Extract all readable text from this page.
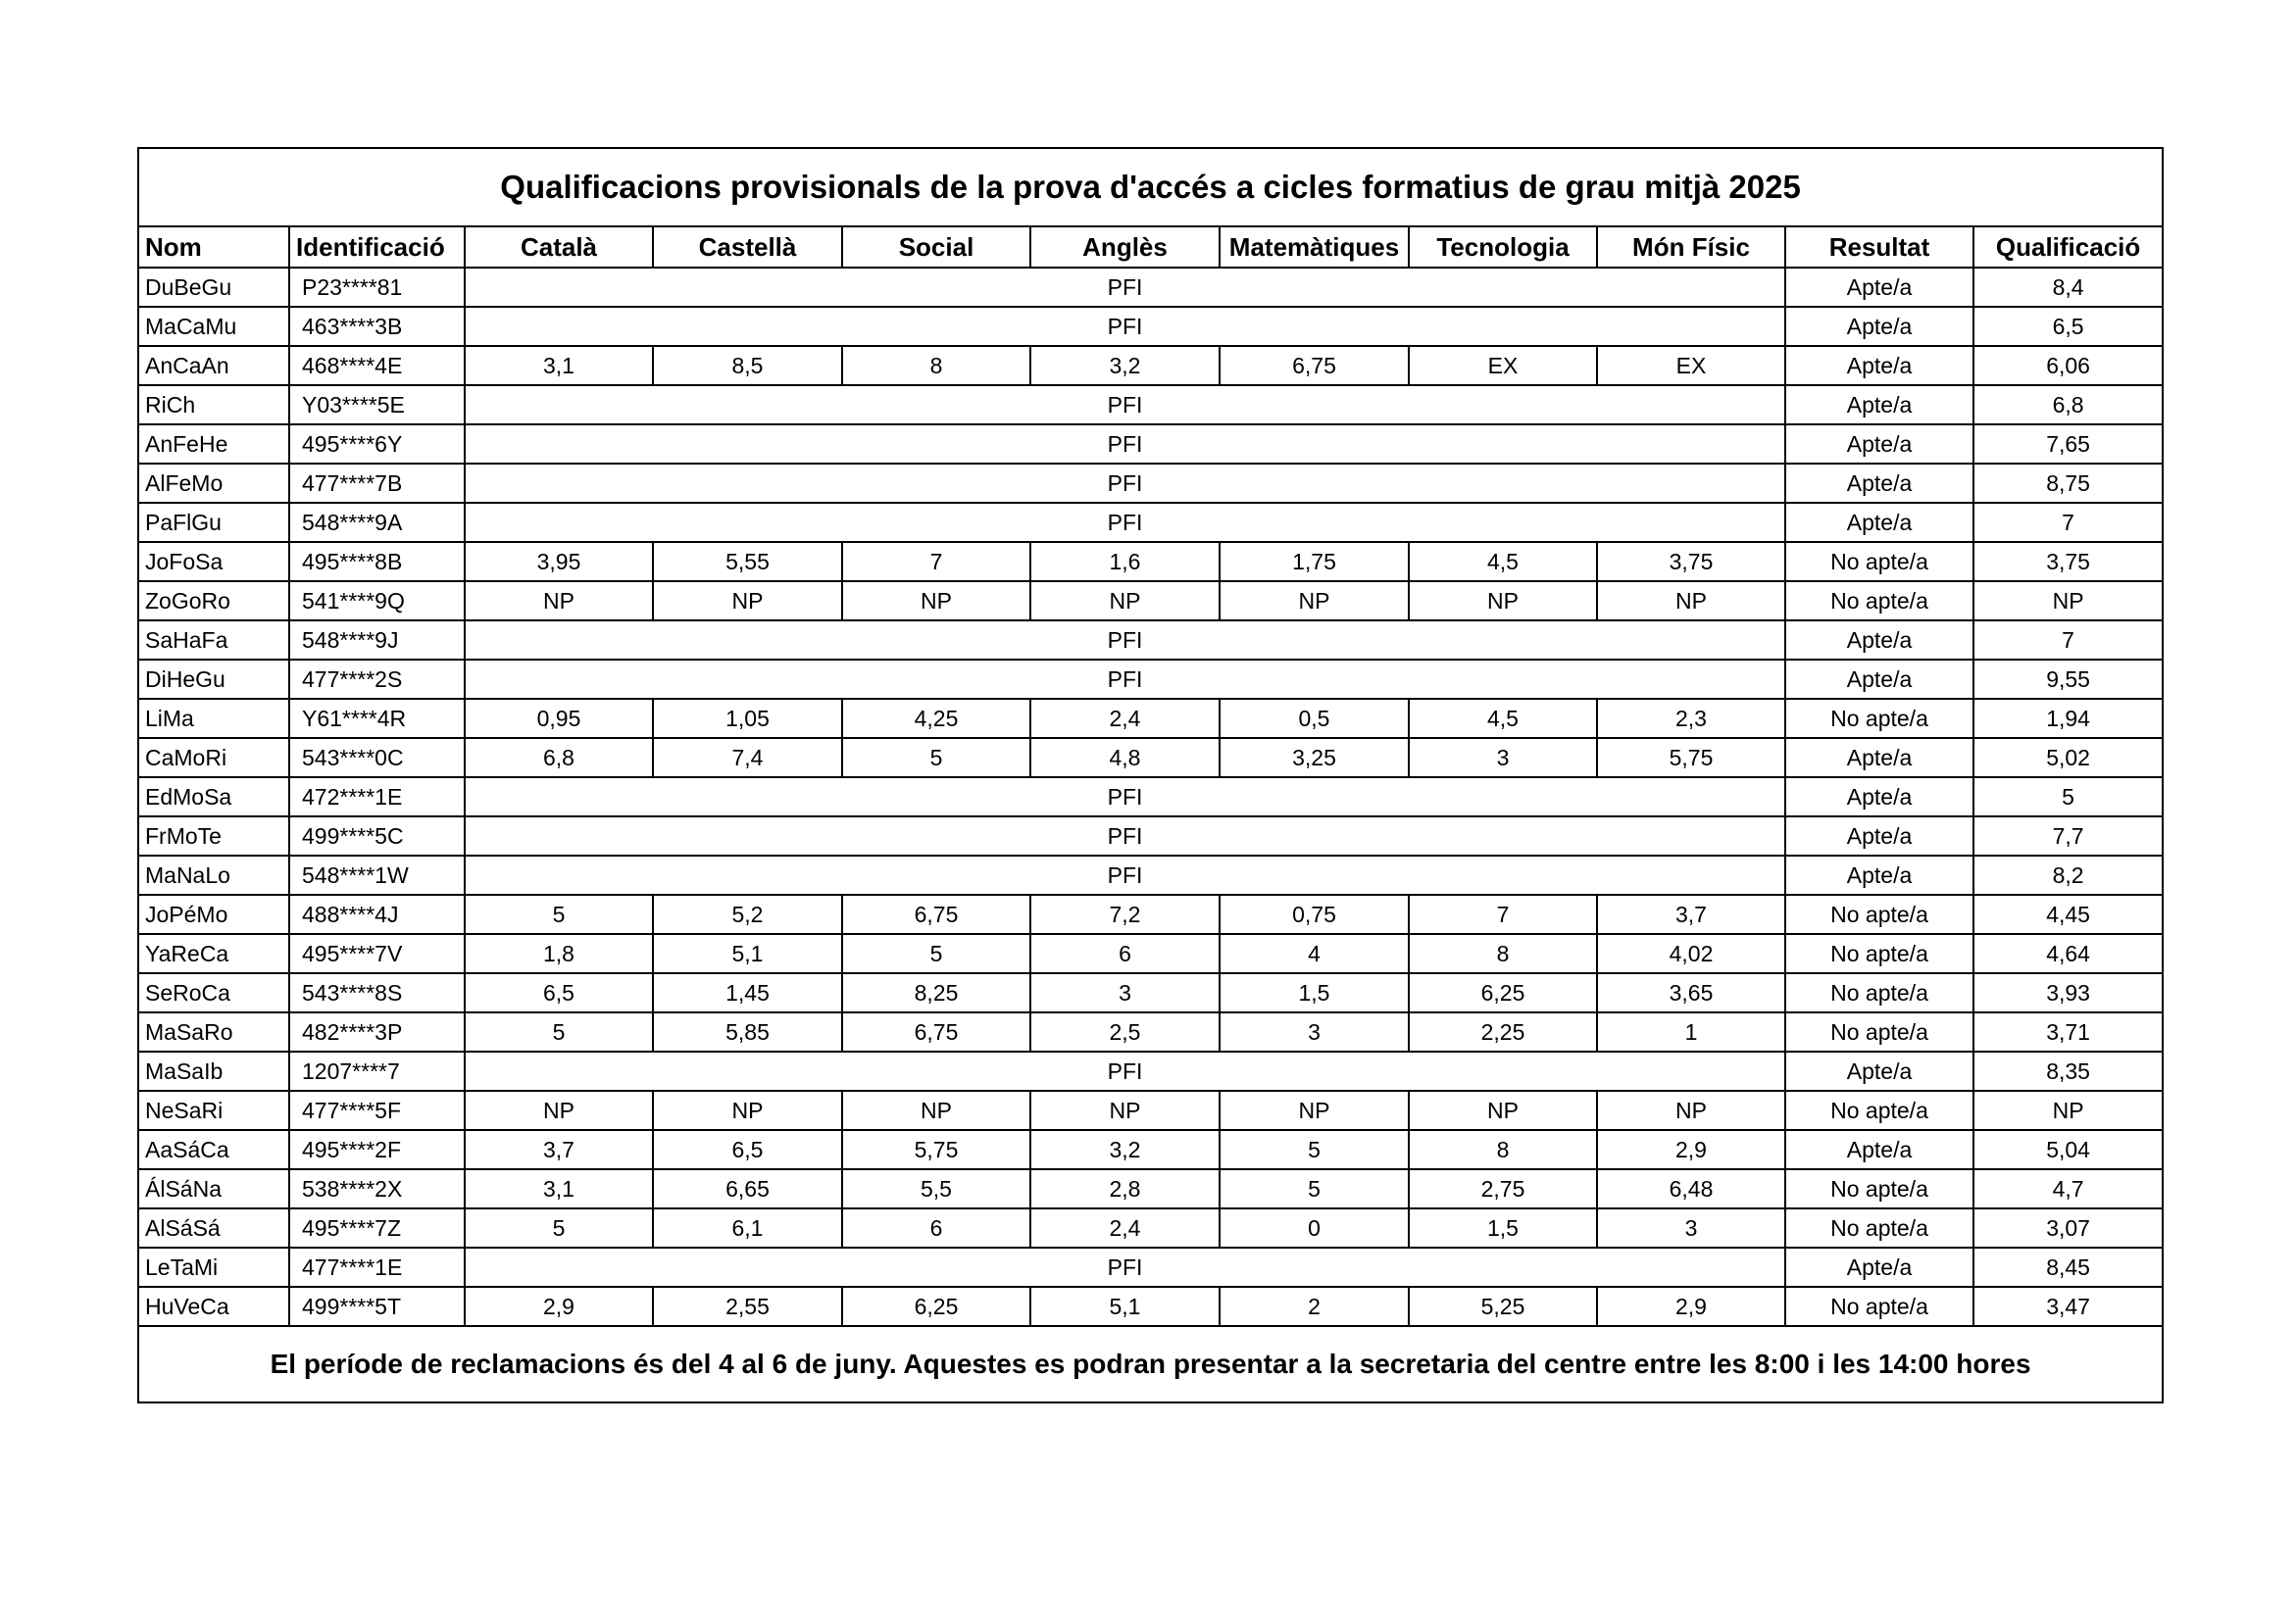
Qualificacions provisionals de la prova d'accés a cicles formatius de grau mitjà 2025										
Nom	Identificació	Català	Castellà	Social	Anglès	Matemàtiques	Tecnologia	Món Físic	Resultat	Qualificació
DuBeGu	P23****81	PFI							Apte/a	8,4
MaCaMu	463****3B	PFI							Apte/a	6,5
AnCaAn	468****4E	3,1	8,5	8	3,2	6,75	EX	EX	Apte/a	6,06
RiCh	Y03****5E	PFI							Apte/a	6,8
AnFeHe	495****6Y	PFI							Apte/a	7,65
AlFeMo	477****7B	PFI							Apte/a	8,75
PaFlGu	548****9A	PFI							Apte/a	7
JoFoSa	495****8B	3,95	5,55	7	1,6	1,75	4,5	3,75	No apte/a	3,75
ZoGoRo	541****9Q	NP	NP	NP	NP	NP	NP	NP	No apte/a	NP
SaHaFa	548****9J	PFI							Apte/a	7
DiHeGu	477****2S	PFI							Apte/a	9,55
LiMa	Y61****4R	0,95	1,05	4,25	2,4	0,5	4,5	2,3	No apte/a	1,94
CaMoRi	543****0C	6,8	7,4	5	4,8	3,25	3	5,75	Apte/a	5,02
EdMoSa	472****1E	PFI							Apte/a	5
FrMoTe	499****5C	PFI							Apte/a	7,7
MaNaLo	548****1W	PFI							Apte/a	8,2
JoPéMo	488****4J	5	5,2	6,75	7,2	0,75	7	3,7	No apte/a	4,45
YaReCa	495****7V	1,8	5,1	5	6	4	8	4,02	No apte/a	4,64
SeRoCa	543****8S	6,5	1,45	8,25	3	1,5	6,25	3,65	No apte/a	3,93
MaSaRo	482****3P	5	5,85	6,75	2,5	3	2,25	1	No apte/a	3,71
MaSaIb	1207****7	PFI							Apte/a	8,35
NeSaRi	477****5F	NP	NP	NP	NP	NP	NP	NP	No apte/a	NP
AaSáCa	495****2F	3,7	6,5	5,75	3,2	5	8	2,9	Apte/a	5,04
ÁlSáNa	538****2X	3,1	6,65	5,5	2,8	5	2,75	6,48	No apte/a	4,7
AlSáSá	495****7Z	5	6,1	6	2,4	0	1,5	3	No apte/a	3,07
LeTaMi	477****1E	PFI							Apte/a	8,45
HuVeCa	499****5T	2,9	2,55	6,25	5,1	2	5,25	2,9	No apte/a	3,47
El període de reclamacions és del 4 al 6 de juny. Aquestes es podran presentar a la secretaria del centre entre les 8:00 i les 14:00 hores										
